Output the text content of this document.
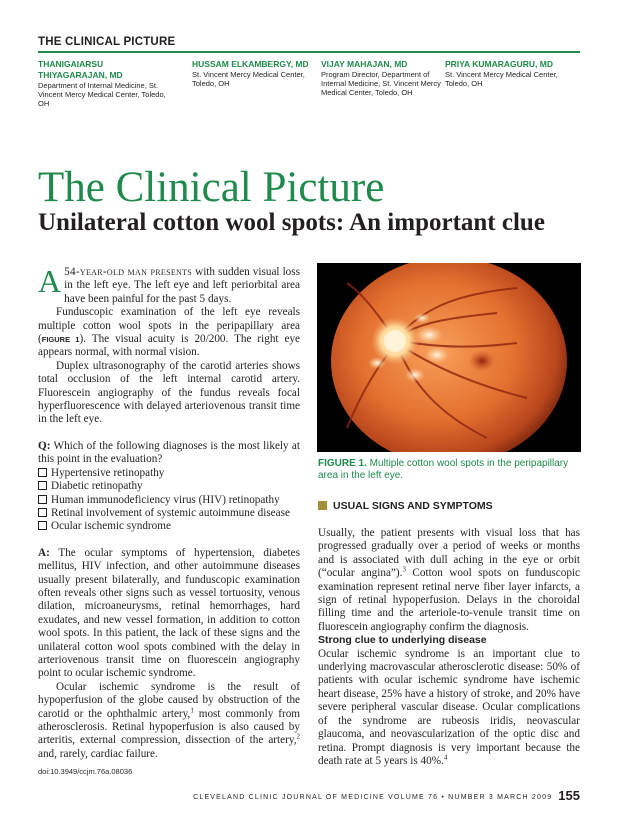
THE CLINICAL PICTURE
THANIGAIARSU THIYAGARAJAN, MD
Department of Internal Medicine, St. Vincent Mercy Medical Center, Toledo, OH
HUSSAM ELKAMBERGY, MD
St. Vincent Mercy Medical Center, Toledo, OH
VIJAY MAHAJAN, MD
Program Director, Department of Internal Medicine, St. Vincent Mercy Medical Center, Toledo, OH
PRIYA KUMARAGURU, MD
St. Vincent Mercy Medical Center, Toledo, OH
The Clinical Picture
Unilateral cotton wool spots: An important clue

A 54-year-old man presents with sudden visual loss in the left eye. The left eye and left periorbital area have been painful for the past 5 days.

Funduscopic examination of the left eye reveals multiple cotton wool spots in the peripapillary area (FIGURE 1). The visual acuity is 20/200. The right eye appears normal, with normal vision.

Duplex ultrasonography of the carotid arteries shows total occlusion of the left internal carotid artery. Fluorescein angiography of the fundus reveals focal hyperfluorescence with delayed arteriovenous transit time in the left eye.

Q: Which of the following diagnoses is the most likely at this point in the evaluation?

Hypertensive retinopathy
Diabetic retinopathy
Human immunodeficiency virus (HIV) retinopathy
Retinal involvement of systemic autoimmune disease
Ocular ischemic syndrome

A: The ocular symptoms of hypertension, diabetes mellitus, HIV infection, and other autoimmune diseases usually present bilaterally, and funduscopic examination often reveals other signs such as vessel tortuosity, venous dilation, microaneurysms, retinal hemorrhages, hard exudates, and new vessel formation, in addition to cotton wool spots. In this patient, the lack of these signs and the unilateral cotton wool spots combined with the delay in arteriovenous transit time on fluorescein angiography point to ocular ischemic syndrome.

Ocular ischemic syndrome is the result of hypoperfusion of the globe caused by obstruction of the carotid or the ophthalmic artery,$^1$ most commonly from atherosclerosis. Retinal hypoperfusion is also caused by arteritis, external compression, dissection of the artery,$^2$ and, rarely, cardiac failure.

FIGURE 1. Multiple cotton wool spots in the peripapillary area in the left eye.
USUAL SIGNS AND SYMPTOMS

Usually, the patient presents with visual loss that has progressed gradually over a period of weeks or months and is associated with dull aching in the eye or orbit (“ocular angina”).$^3$ Cotton wool spots on funduscopic examination represent retinal nerve fiber layer infarcts, a sign of retinal hypoperfusion. Delays in the choroidal filling time and the arteriole-to-venule transit time on fluorescein angiography confirm the diagnosis.

Strong clue to underlying disease

Ocular ischemic syndrome is an important clue to underlying macrovascular atherosclerotic disease: 50% of patients with ocular ischemic syndrome have ischemic heart disease, 25% have a history of stroke, and 20% have severe peripheral vascular disease. Ocular complications of the syndrome are rubeosis iridis, neovascular glaucoma, and neovascularization of the optic disc and retina. Prompt diagnosis is very important because the death rate at 5 years is 40%.$^4$

doi:10.3949/ccjm.76a.08036
CLEVELAND CLINIC JOURNAL OF MEDICINE VOLUME 76 • NUMBER 3 MARCH 2009 155
